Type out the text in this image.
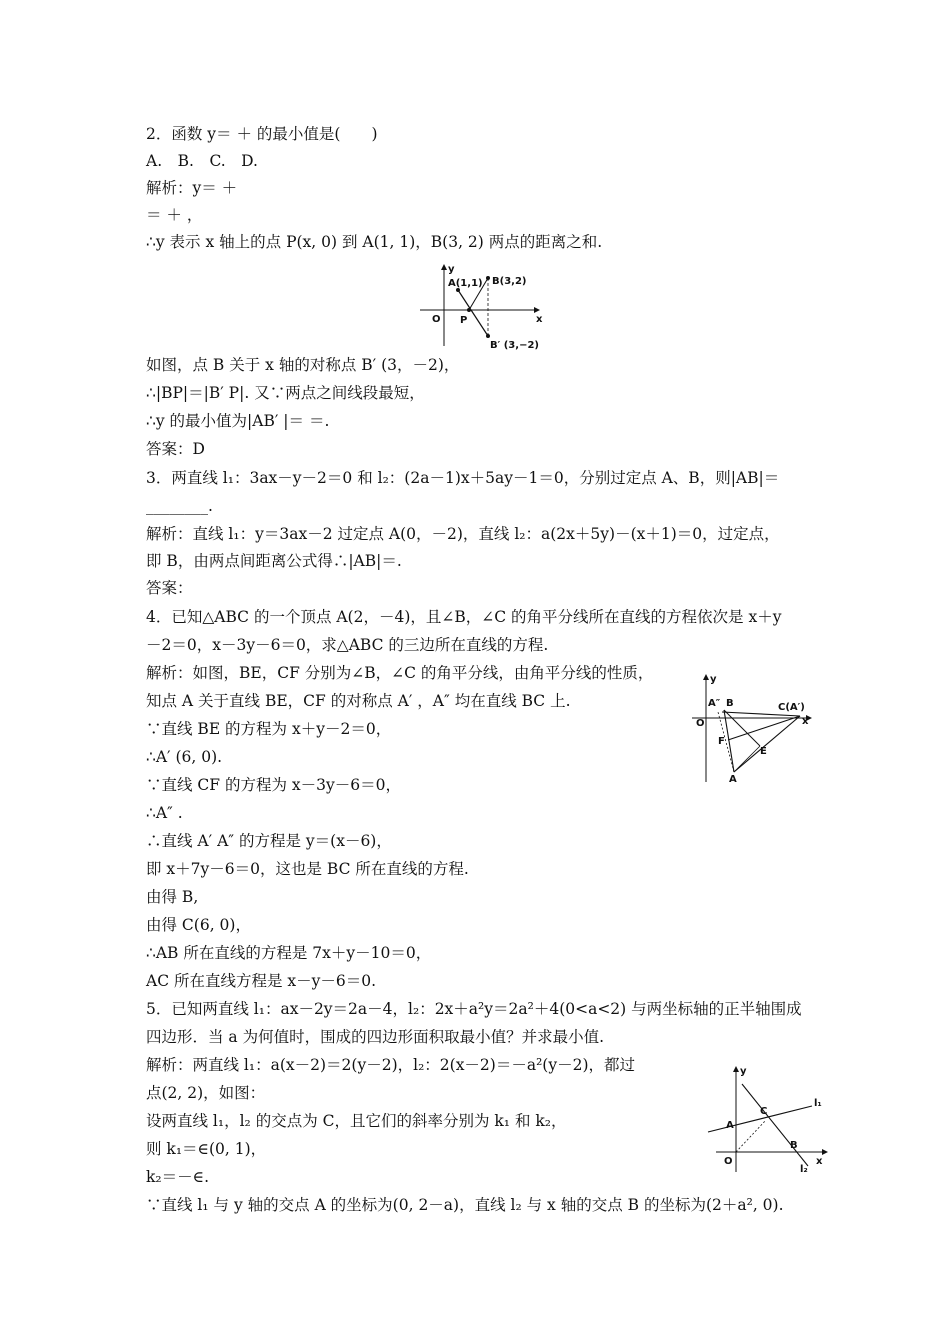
2．函数 y＝ ＋ 的最小值是(　　)
A.　B.　C.　D.
解析：y＝ ＋
＝ ＋ ，
∴y 表示 x 轴上的点 P(x, 0) 到 A(1, 1)，B(3, 2) 两点的距离之和.
y
x
O P
A(1,1) B(3,2)
B′ (3,−2)
如图，点 B 关于 x 轴的对称点 B′ (3，－2)，
∴|BP|＝|B′ P|. 又∵两点之间线段最短，
∴y 的最小值为|AB′ |＝ ＝.
答案：D
3．两直线 l₁：3ax－y－2＝0 和 l₂：(2a－1)x＋5ay－1＝0，分别过定点 A、B，则|AB|＝
________.
解析：直线 l₁：y＝3ax－2 过定点 A(0，－2)，直线 l₂：a(2x＋5y)－(x＋1)＝0，过定点，
即 B，由两点间距离公式得∴|AB|＝.
答案：
4．已知△ABC 的一个顶点 A(2，－4)，且∠B，∠C 的角平分线所在直线的方程依次是 x＋y
－2＝0，x－3y－6＝0，求△ABC 的三边所在直线的方程.
解析：如图，BE，CF 分别为∠B，∠C 的角平分线，由角平分线的性质，
知点 A 关于直线 BE，CF 的对称点 A′ ，A″ 均在直线 BC 上.
∵直线 BE 的方程为 x＋y－2＝0，
∴A′ (6, 0).
∵直线 CF 的方程为 x－3y－6＝0，
∴A″ .
∴直线 A′ A″ 的方程是 y＝(x－6)，
即 x＋7y－6＝0，这也是 BC 所在直线的方程.
由得 B,
由得 C(6, 0)，
∴AB 所在直线的方程是 7x＋y－10＝0，
AC 所在直线方程是 x－y－6＝0.
y
x
O
A″ B	C(A′)
F
E
A
5．已知两直线 l₁：ax－2y＝2a－4，l₂：2x＋a²y＝2a²＋4(0<a<2) 与两坐标轴的正半轴围成
四边形．当 a 为何值时，围成的四边形面积取最小值？并求最小值.
解析：两直线 l₁：a(x－2)＝2(y－2)，l₂：2(x－2)＝－a²(y－2)，都过
点(2, 2)，如图：
设两直线 l₁，l₂ 的交点为 C，且它们的斜率分别为 k₁ 和 k₂，
则 k₁＝∈(0, 1)，
k₂＝－∈.
∵直线 l₁ 与 y 轴的交点 A 的坐标为(0, 2－a)，直线 l₂ 与 x 轴的交点 B 的坐标为(2＋a², 0).
y
x
O
A
C
B
l₁
l₂
